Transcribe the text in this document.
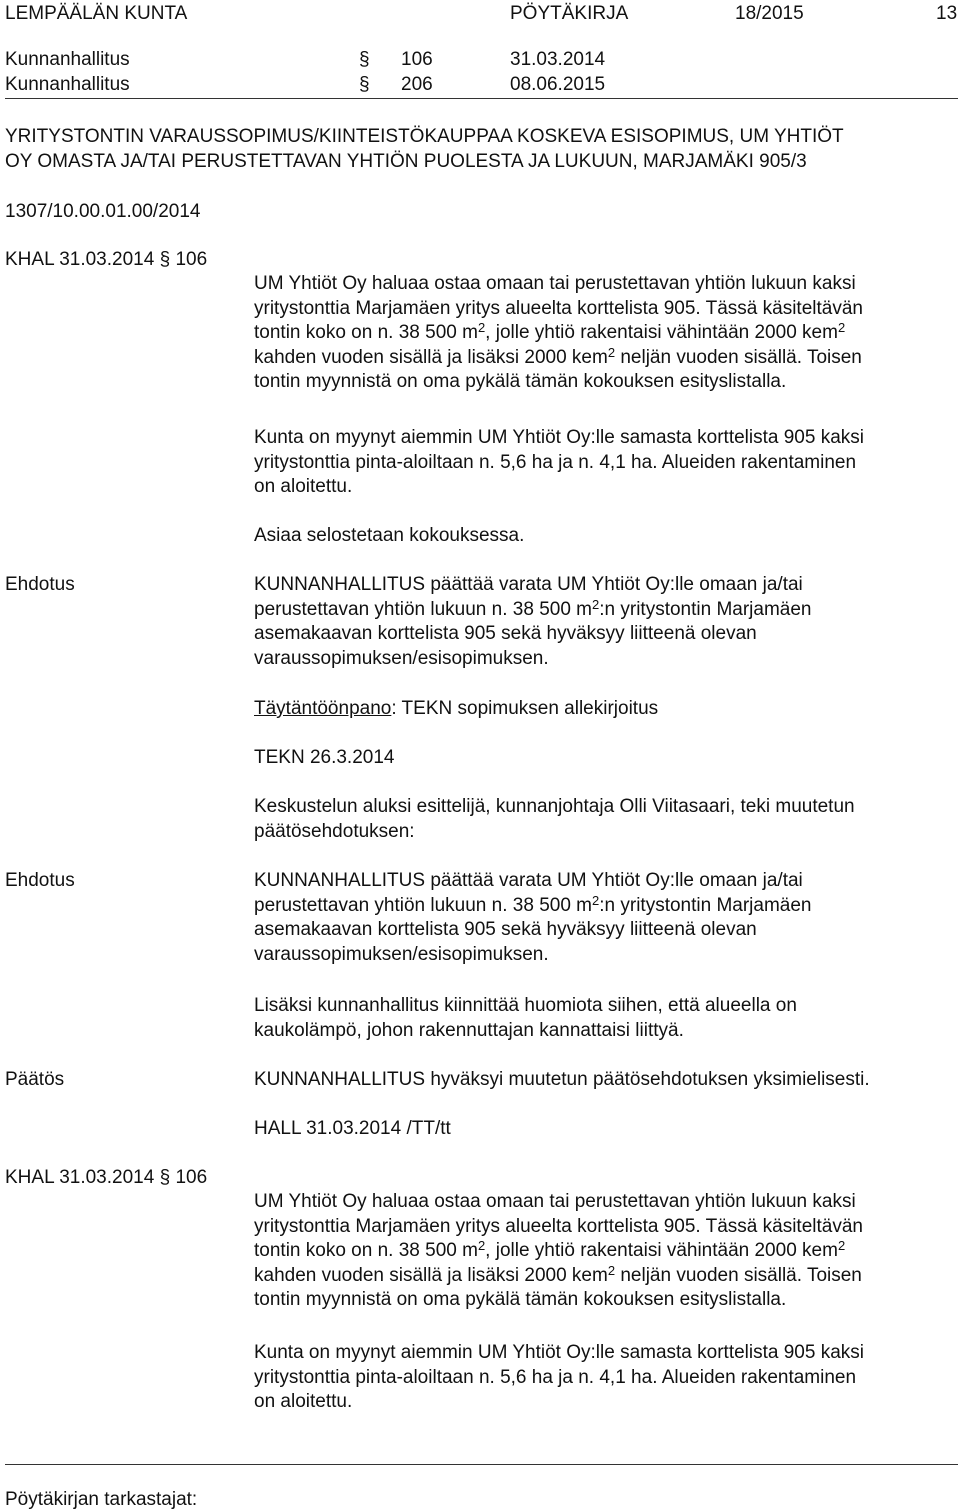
LEMPÄÄLÄN KUNTA	PÖYTÄKIRJA	18/2015	13
Kunnanhallitus	§ 106	31.03.2014
Kunnanhallitus	§ 206	08.06.2015
YRITYSTONTIN VARAUSSOPIMUS/KIINTEISTÖKAUPPAA KOSKEVA ESISOPIMUS, UM YHTIÖT
OY OMASTA JA/TAI PERUSTETTAVAN YHTIÖN PUOLESTA JA LUKUUN, MARJAMÄKI 905/3
1307/10.00.01.00/2014
KHAL 31.03.2014 § 106
UM Yhtiöt Oy haluaa ostaa omaan tai perustettavan yhtiön lukuun kaksi
yritystonttia Marjamäen yritys alueelta korttelista 905. Tässä käsiteltävän
tontin koko on n. 38 500 $m^2$, jolle yhtiö rakentaisi vähintään 2000 kem$^2$
kahden vuoden sisällä ja lisäksi 2000 kem$^2$ neljän vuoden sisällä. Toisen
tontin myynnistä on oma pykälä tämän kokouksen esityslistalla.
Kunta on myynyt aiemmin UM Yhtiöt Oy:lle samasta korttelista 905 kaksi
yritystonttia pinta-aloiltaan n. 5,6 ha ja n. 4,1 ha. Alueiden rakentaminen
on aloitettu.
Asiaa selostetaan kokouksessa.
Ehdotus	KUNNANHALLITUS päättää varata UM Yhtiöt Oy:lle omaan ja/tai
perustettavan yhtiön lukuun n. 38 500 $m^2:n$ yritystontin Marjamäen
asemakaavan korttelista 905 sekä hyväksyy liitteenä olevan
varaussopimuksen/esisopimuksen.
Täytäntöönpano: TEKN sopimuksen allekirjoitus
TEKN 26.3.2014
Keskustelun aluksi esittelijä, kunnanjohtaja Olli Viitasaari, teki muutetun
päätösehdotuksen:
Ehdotus	KUNNANHALLITUS päättää varata UM Yhtiöt Oy:lle omaan ja/tai
perustettavan yhtiön lukuun n. 38 500 $m^2:n$ yritystontin Marjamäen
asemakaavan korttelista 905 sekä hyväksyy liitteenä olevan
varaussopimuksen/esisopimuksen.
Lisäksi kunnanhallitus kiinnittää huomiota siihen, että alueella on
kaukolämpö, johon rakennuttajan kannattaisi liittyä.
Päätös	KUNNANHALLITUS hyväksyi muutetun päätösehdotuksen yksimielisesti.
HALL 31.03.2014 /TT/tt
KHAL 31.03.2014 § 106
UM Yhtiöt Oy haluaa ostaa omaan tai perustettavan yhtiön lukuun kaksi
yritystonttia Marjamäen yritys alueelta korttelista 905. Tässä käsiteltävän
tontin koko on n. 38 500 $m^2$, jolle yhtiö rakentaisi vähintään 2000 kem$^2$
kahden vuoden sisällä ja lisäksi 2000 kem$^2$ neljän vuoden sisällä. Toisen
tontin myynnistä on oma pykälä tämän kokouksen esityslistalla.
Kunta on myynyt aiemmin UM Yhtiöt Oy:lle samasta korttelista 905 kaksi
yritystonttia pinta-aloiltaan n. 5,6 ha ja n. 4,1 ha. Alueiden rakentaminen
on aloitettu.
Pöytäkirjan tarkastajat:
